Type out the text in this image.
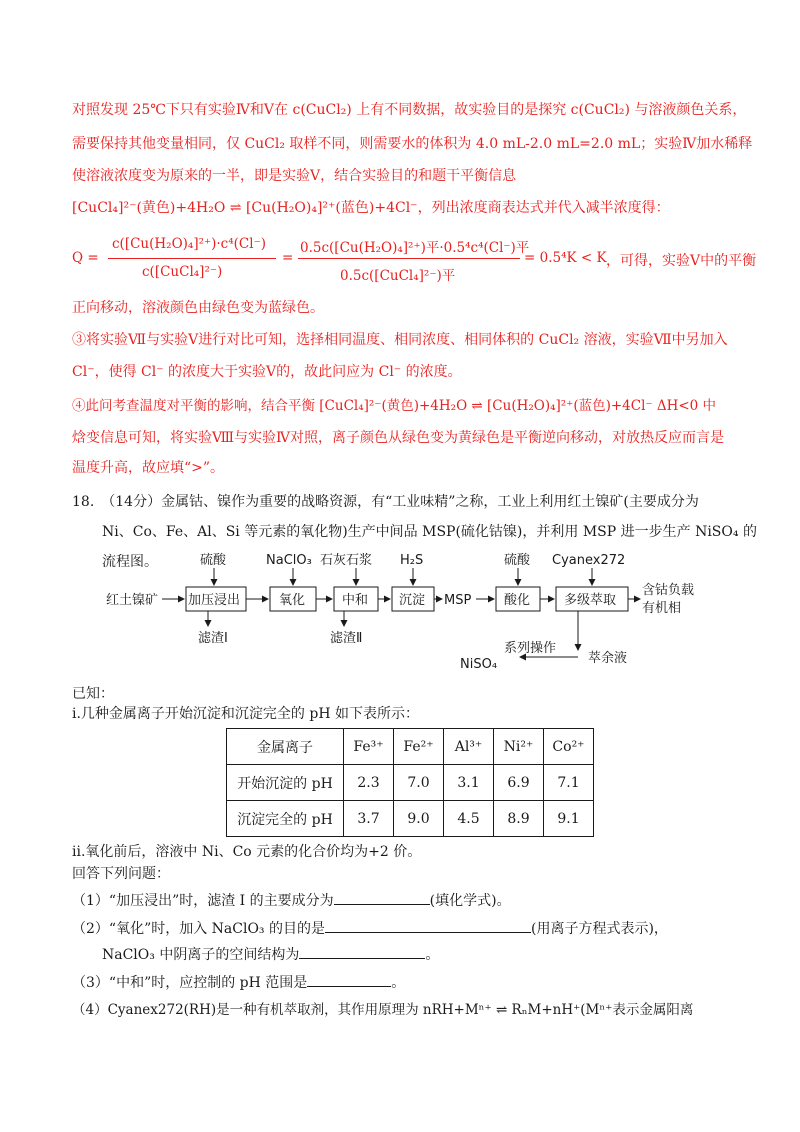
对照发现 25℃下只有实验Ⅳ和Ⅴ在 c(CuCl₂) 上有不同数据，故实验目的是探究 c(CuCl₂) 与溶液颜色关系，
需要保持其他变量相同，仅 CuCl₂ 取样不同，则需要水的体积为 4.0 mL-2.0 mL=2.0 mL；实验Ⅳ加水稀释
使溶液浓度变为原来的一半，即是实验Ⅴ，结合实验目的和题干平衡信息
[CuCl₄]²⁻(黄色)+4H₂O ⇌ [Cu(H₂O)₄]²⁺(蓝色)+4Cl⁻，列出浓度商表达式并代入减半浓度得：
Q =
c([Cu(H₂O)₄]²⁺)·c⁴(Cl⁻)
c([CuCl₄]²⁻)
=
0.5c([Cu(H₂O)₄]²⁺)平·0.5⁴c⁴(Cl⁻)平
0.5c([CuCl₄]²⁻)平
= 0.5⁴K < K ，可得，实验Ⅴ中的平衡
正向移动，溶液颜色由绿色变为蓝绿色。
③将实验Ⅶ与实验Ⅴ进行对比可知，选择相同温度、相同浓度、相同体积的 CuCl₂ 溶液，实验Ⅶ中另加入
Cl⁻，使得 Cl⁻ 的浓度大于实验Ⅴ的，故此问应为 Cl⁻ 的浓度。
④此问考查温度对平衡的影响，结合平衡 [CuCl₄]²⁻(黄色)+4H₂O ⇌ [Cu(H₂O)₄]²⁺(蓝色)+4Cl⁻ ΔH<0 中
焓变信息可知，将实验Ⅷ与实验Ⅳ对照，离子颜色从绿色变为黄绿色是平衡逆向移动，对放热反应而言是
温度升高，故应填“>”。
18.　（14分）金属钴、镍作为重要的战略资源，有“工业味精”之称，工业上利用红土镍矿(主要成分为
Ni、Co、Fe、Al、Si 等元素的氧化物)生产中间品 MSP(硫化钴镍)，并利用 MSP 进一步生产 NiSO₄ 的
流程图。
红土镍矿 加压浸出
硫酸
滤渣Ⅰ
氧化
NaClO₃
中和
石灰石浆
滤渣Ⅱ
沉淀
H₂S
MSP	酸化
硫酸
多级萃取
Cyanex272
含钴负载
有机相
萃余液
系列操作
NiSO₄
已知：
i.几种金属离子开始沉淀和沉淀完全的 pH 如下表所示：
金属离子	Fe³⁺	Fe²⁺	Al³⁺	Ni²⁺	Co²⁺
开始沉淀的 pH	2.3	7.0	3.1	6.9	7.1
沉淀完全的 pH	3.7	9.0	4.5	8.9	9.1
ii.氧化前后，溶液中 Ni、Co 元素的化合价均为+2 价。
回答下列问题：
（1）“加压浸出”时，滤渣 I 的主要成分为	(填化学式)。
（2）“氧化”时，加入 NaClO₃ 的目的是	(用离子方程式表示)，
NaClO₃ 中阴离子的空间结构为	。
（3）“中和”时，应控制的 pH 范围是	。
（4）Cyanex272(RH)是一种有机萃取剂，其作用原理为 nRH+Mⁿ⁺ ⇌ RₙM+nH⁺(Mⁿ⁺表示金属阳离
